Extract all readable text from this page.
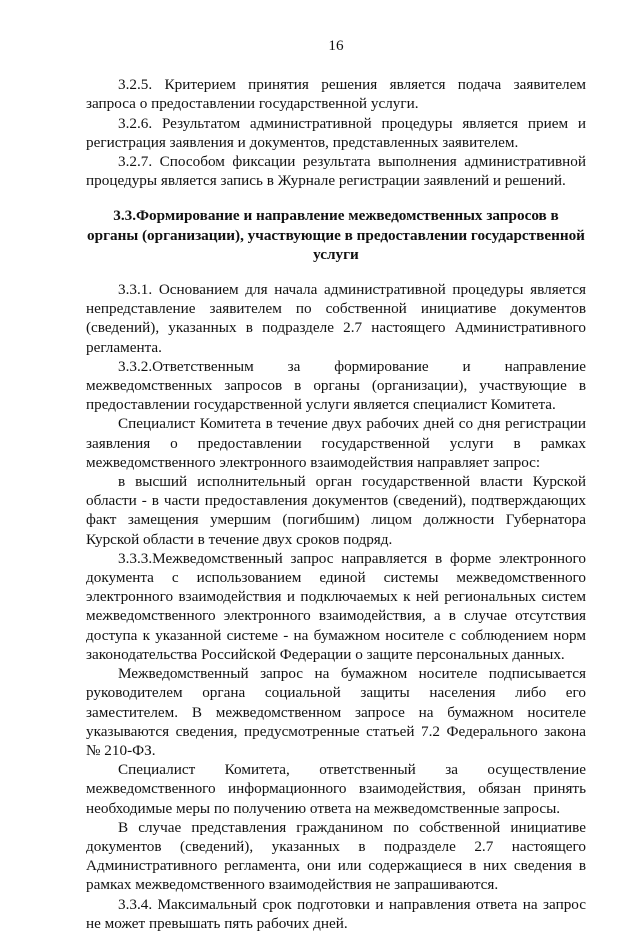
16

3.2.5. Критерием принятия решения является подача заявителем запроса о предоставлении государственной услуги.

3.2.6. Результатом административной процедуры является прием и регистрация заявления и документов, представленных заявителем.

3.2.7. Способом фиксации результата выполнения административной процедуры является запись в Журнале регистрации заявлений и решений.

3.3.Формирование и направление межведомственных запросов в органы (организации), участвующие в предоставлении государственной услуги

3.3.1. Основанием для начала административной процедуры является непредставление заявителем по собственной инициативе документов (сведений), указанных в подразделе 2.7 настоящего Административного регламента.

3.3.2.Ответственным за формирование и направление межведомственных запросов в органы (организации), участвующие в предоставлении государственной услуги является специалист Комитета.

Специалист Комитета в течение двух рабочих дней со дня регистрации заявления о предоставлении государственной услуги в рамках межведомственного электронного взаимодействия направляет запрос:

в высший исполнительный орган государственной власти Курской области - в части предоставления документов (сведений), подтверждающих факт замещения умершим (погибшим) лицом должности Губернатора Курской области в течение двух сроков подряд.

3.3.3.Межведомственный запрос направляется в форме электронного документа с использованием единой системы межведомственного электронного взаимодействия и подключаемых к ней региональных систем межведомственного электронного взаимодействия, а в случае отсутствия доступа к указанной системе - на бумажном носителе с соблюдением норм законодательства Российской Федерации о защите персональных данных.

Межведомственный запрос на бумажном носителе подписывается руководителем органа социальной защиты населения либо его заместителем. В межведомственном запросе на бумажном носителе указываются сведения, предусмотренные статьей 7.2 Федерального закона № 210-ФЗ.

Специалист Комитета, ответственный за осуществление межведомственного информационного взаимодействия, обязан принять необходимые меры по получению ответа на межведомственные запросы.

В случае представления гражданином по собственной инициативе документов (сведений), указанных в подразделе 2.7 настоящего Административного регламента, они или содержащиеся в них сведения в рамках межведомственного взаимодействия не запрашиваются.

3.3.4. Максимальный срок подготовки и направления ответа на запрос не может превышать пять рабочих дней.
